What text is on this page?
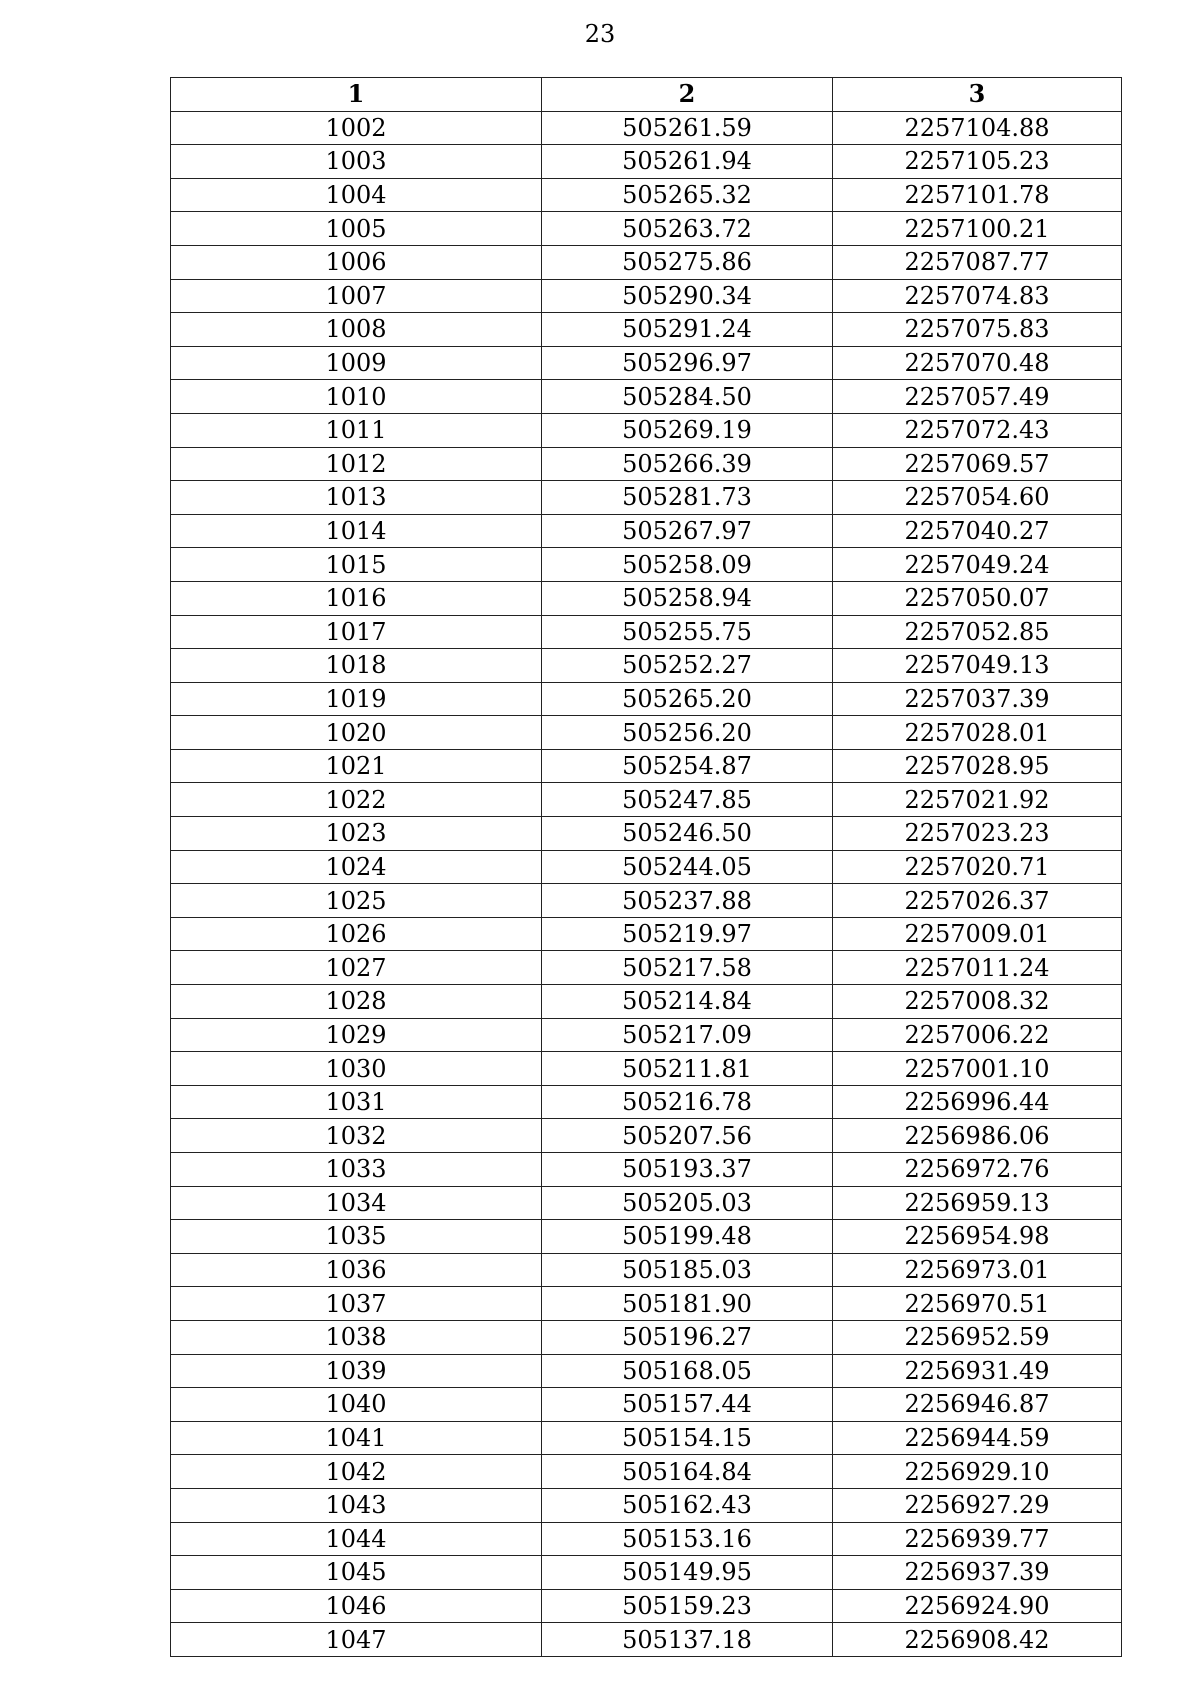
23
1	2	3
1002	505261.59	2257104.88
1003	505261.94	2257105.23
1004	505265.32	2257101.78
1005	505263.72	2257100.21
1006	505275.86	2257087.77
1007	505290.34	2257074.83
1008	505291.24	2257075.83
1009	505296.97	2257070.48
1010	505284.50	2257057.49
1011	505269.19	2257072.43
1012	505266.39	2257069.57
1013	505281.73	2257054.60
1014	505267.97	2257040.27
1015	505258.09	2257049.24
1016	505258.94	2257050.07
1017	505255.75	2257052.85
1018	505252.27	2257049.13
1019	505265.20	2257037.39
1020	505256.20	2257028.01
1021	505254.87	2257028.95
1022	505247.85	2257021.92
1023	505246.50	2257023.23
1024	505244.05	2257020.71
1025	505237.88	2257026.37
1026	505219.97	2257009.01
1027	505217.58	2257011.24
1028	505214.84	2257008.32
1029	505217.09	2257006.22
1030	505211.81	2257001.10
1031	505216.78	2256996.44
1032	505207.56	2256986.06
1033	505193.37	2256972.76
1034	505205.03	2256959.13
1035	505199.48	2256954.98
1036	505185.03	2256973.01
1037	505181.90	2256970.51
1038	505196.27	2256952.59
1039	505168.05	2256931.49
1040	505157.44	2256946.87
1041	505154.15	2256944.59
1042	505164.84	2256929.10
1043	505162.43	2256927.29
1044	505153.16	2256939.77
1045	505149.95	2256937.39
1046	505159.23	2256924.90
1047	505137.18	2256908.42
